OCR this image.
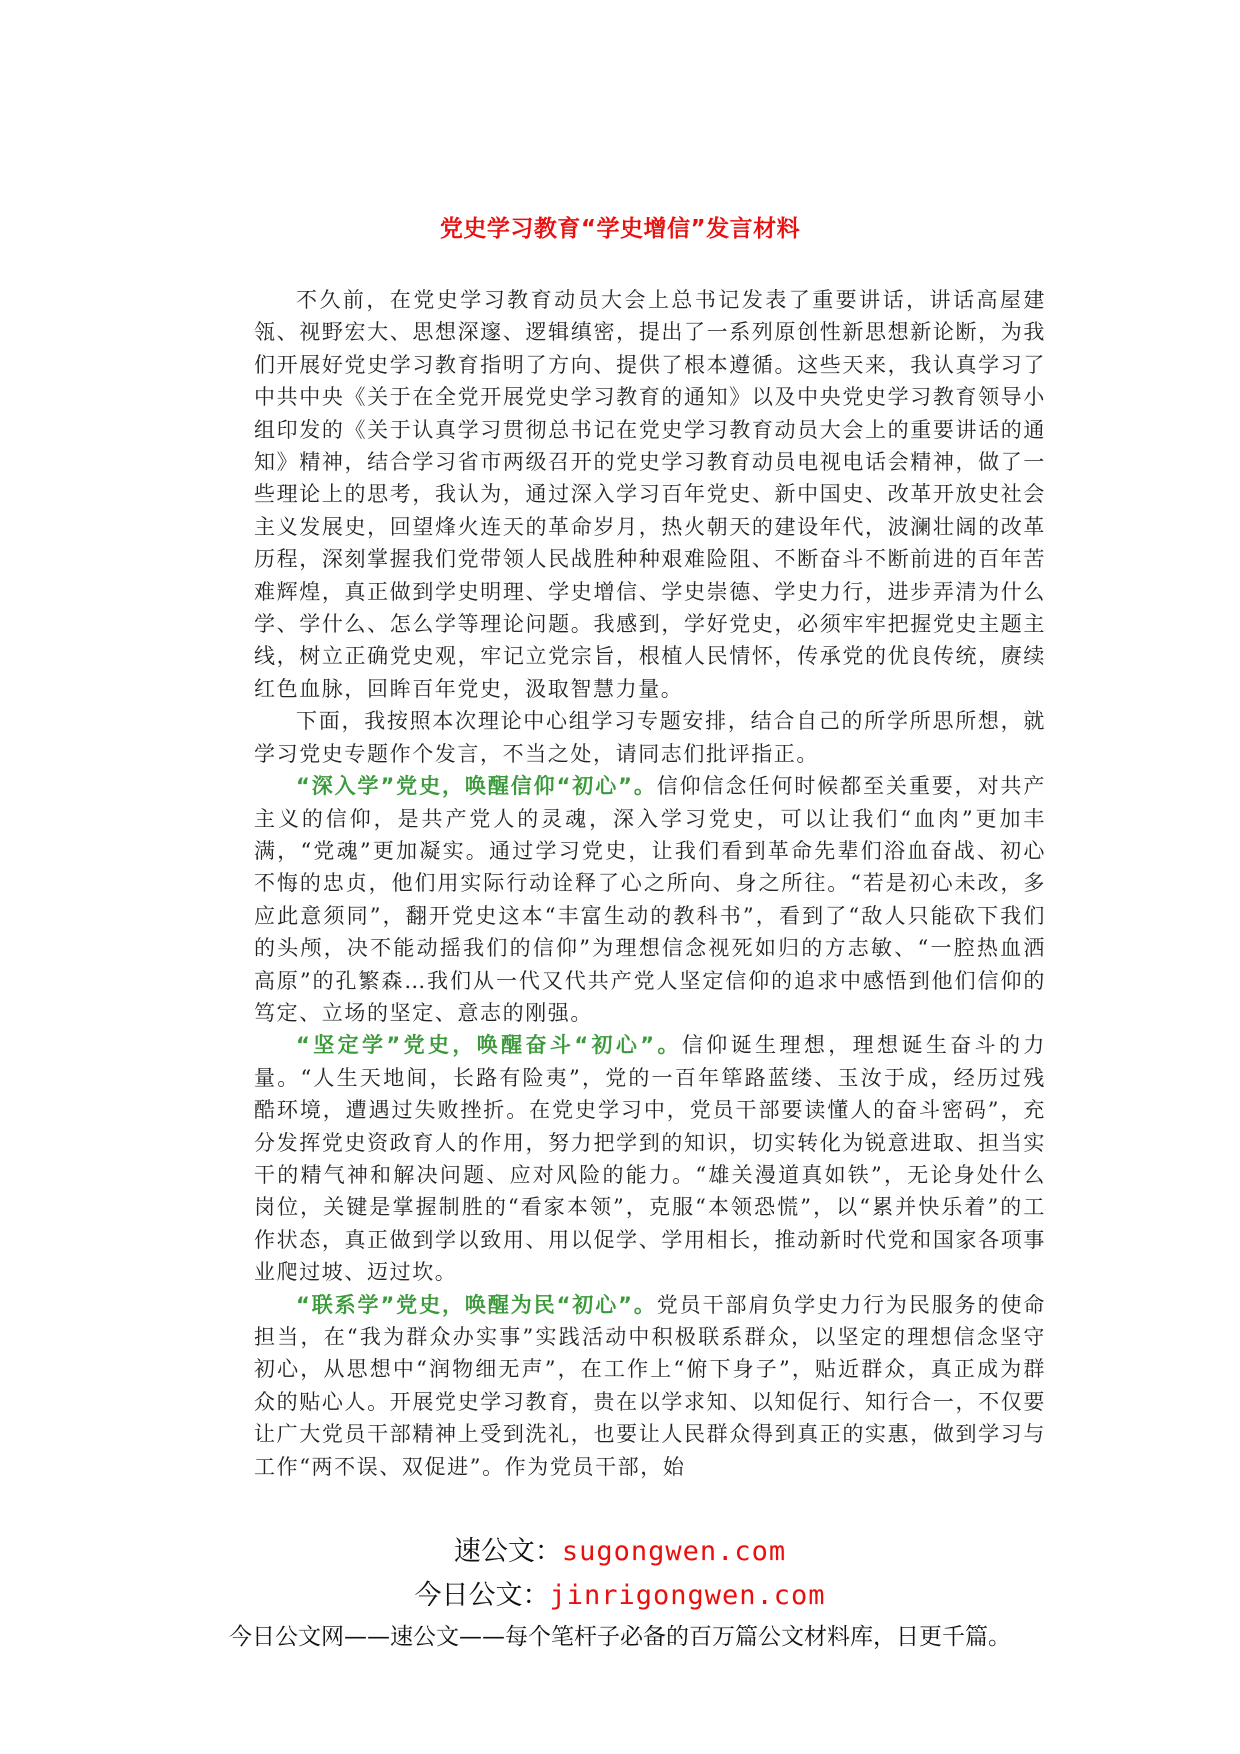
党史学习教育“学史增信”发言材料

不久前，在党史学习教育动员大会上总书记发表了重要讲话，讲话高屋建瓴、视野宏大、思想深邃、逻辑缜密，提出了一系列原创性新思想新论断，为我们开展好党史学习教育指明了方向、提供了根本遵循。这些天来，我认真学习了中共中央《关于在全党开展党史学习教育的通知》以及中央党史学习教育领导小组印发的《关于认真学习贯彻总书记在党史学习教育动员大会上的重要讲话的通知》精神，结合学习省市两级召开的党史学习教育动员电视电话会精神，做了一些理论上的思考，我认为，通过深入学习百年党史、新中国史、改革开放史社会主义发展史，回望烽火连天的革命岁月，热火朝天的建设年代，波澜壮阔的改革历程，深刻掌握我们党带领人民战胜种种艰难险阻、不断奋斗不断前进的百年苦难辉煌，真正做到学史明理、学史增信、学史崇德、学史力行，进步弄清为什么学、学什么、怎么学等理论问题。我感到，学好党史，必须牢牢把握党史主题主线，树立正确党史观，牢记立党宗旨，根植人民情怀，传承党的优良传统，赓续红色血脉，回眸百年党史，汲取智慧力量。

下面，我按照本次理论中心组学习专题安排，结合自己的所学所思所想，就学习党史专题作个发言，不当之处，请同志们批评指正。

“深入学”党史，唤醒信仰“初心”。信仰信念任何时候都至关重要，对共产主义的信仰，是共产党人的灵魂，深入学习党史，可以让我们“血肉”更加丰满，“党魂”更加凝实。通过学习党史，让我们看到革命先辈们浴血奋战、初心不悔的忠贞，他们用实际行动诠释了心之所向、身之所往。“若是初心未改，多应此意须同”，翻开党史这本“丰富生动的教科书”，看到了“敌人只能砍下我们的头颅，决不能动摇我们的信仰”为理想信念视死如归的方志敏、“一腔热血洒高原”的孔繁森…我们从一代又代共产党人坚定信仰的追求中感悟到他们信仰的笃定、立场的坚定、意志的刚强。

“坚定学”党史，唤醒奋斗“初心”。信仰诞生理想，理想诞生奋斗的力量。“人生天地间，长路有险夷”，党的一百年筚路蓝缕、玉汝于成，经历过残酷环境，遭遇过失败挫折。在党史学习中，党员干部要读懂人的奋斗密码”，充分发挥党史资政育人的作用，努力把学到的知识，切实转化为锐意进取、担当实干的精气神和解决问题、应对风险的能力。“雄关漫道真如铁”，无论身处什么岗位，关键是掌握制胜的“看家本领”，克服“本领恐慌”，以“累并快乐着”的工作状态，真正做到学以致用、用以促学、学用相长，推动新时代党和国家各项事业爬过坡、迈过坎。

“联系学”党史，唤醒为民“初心”。党员干部肩负学史力行为民服务的使命担当，在“我为群众办实事”实践活动中积极联系群众，以坚定的理想信念坚守初心，从思想中“润物细无声”，在工作上“俯下身子”，贴近群众，真正成为群众的贴心人。开展党史学习教育，贵在以学求知、以知促行、知行合一，不仅要让广大党员干部精神上受到洗礼，也要让人民群众得到真正的实惠，做到学习与工作“两不误、双促进”。作为党员干部，始

速公文：sugongwen.com
今日公文：jinrigongwen.com
今日公文网——速公文——每个笔杆子必备的百万篇公文材料库，日更千篇。
